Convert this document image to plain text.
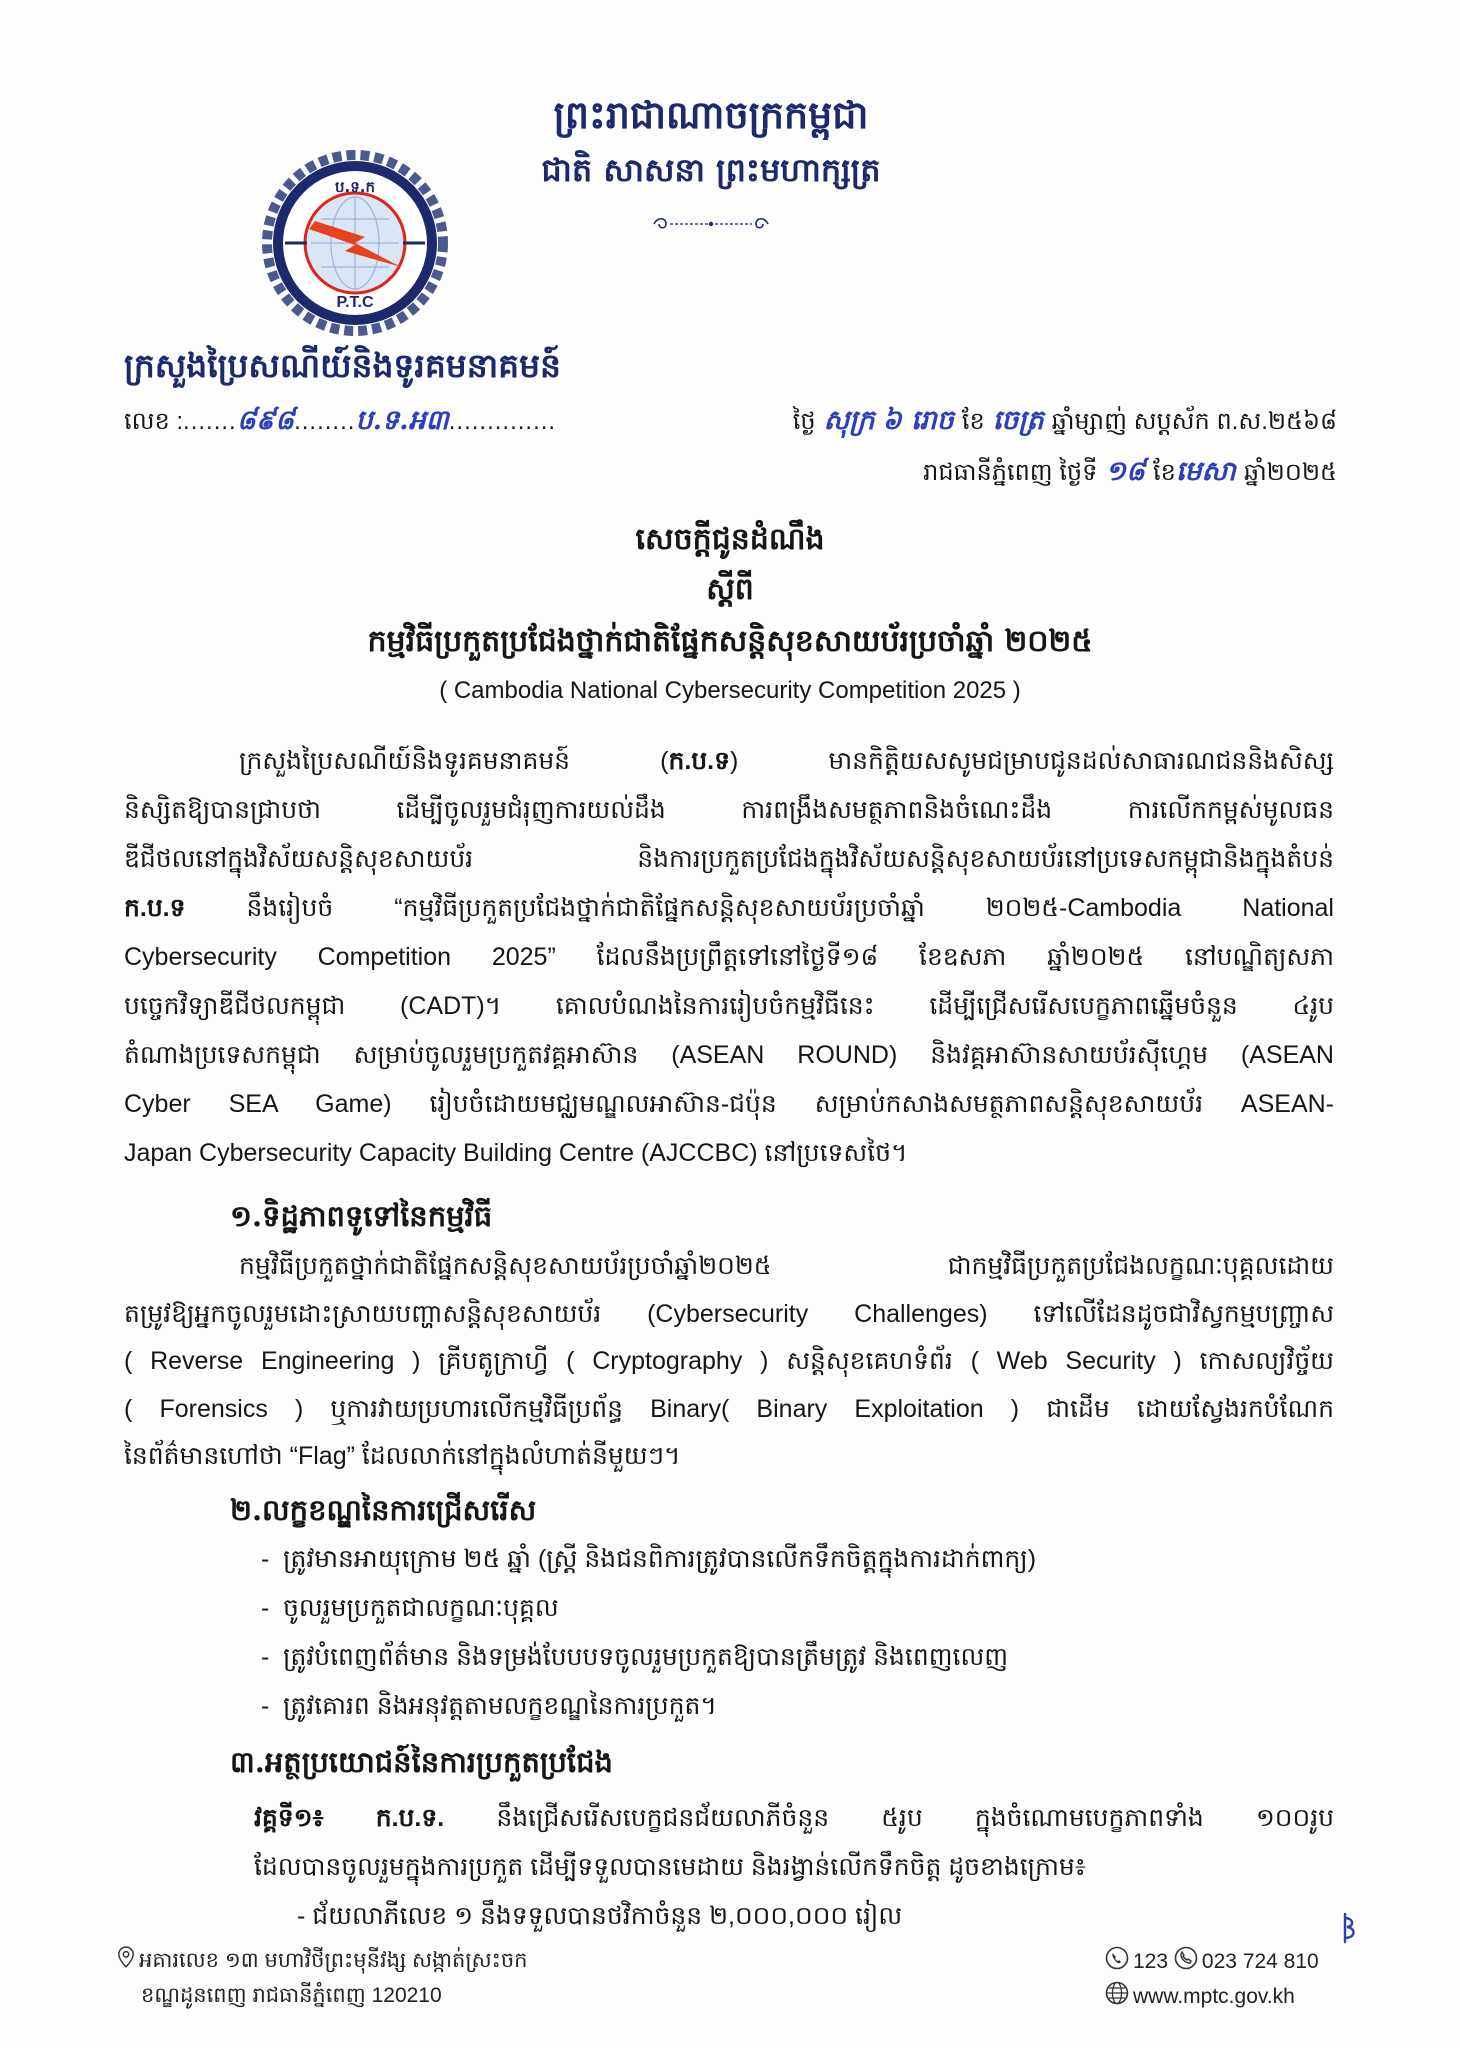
ព្រះរាជាណាចក្រកម្ពុជា
ជាតិ សាសនា ព្រះមហាក្សត្រ
ប.ទ.ក
P.T.C
ក្រសួងប្រៃសណីយ៍និងទូរគមនាគមន៍
លេខ :.......៨៩៨........ប.ទ.អ៣..............	ថ្ងៃ សុក្រ ៦ រោច ខែ ចេត្រ ឆ្នាំម្សាញ់ សប្តស័ក ព.ស.២៥៦៨
រាជធានីភ្នំពេញ ថ្ងៃទី ១៨ ខែមេសា ឆ្នាំ២០២៥
សេចក្តីជូនដំណឹង
ស្តីពី
កម្មវិធីប្រកួតប្រជែងថ្នាក់ជាតិផ្នែកសន្តិសុខសាយប័រប្រចាំឆ្នាំ ២០២៥
( Cambodia National Cybersecurity Competition 2025 )
ក្រសួងប្រៃសណីយ៍និងទូរគមនាគមន៍ (ក.ប.ទ) មានកិត្តិយសសូមជម្រាបជូនដល់សាធារណជននិងសិស្ស
និស្សិតឱ្យបានជ្រាបថា ដើម្បីចូលរួមជំរុញការយល់ដឹង ការពង្រឹងសមត្ថភាពនិងចំណេះដឹង ការលើកកម្ពស់មូលធន
ឌីជីថលនៅក្នុងវិស័យសន្តិសុខសាយប័រ និងការប្រកួតប្រជែងក្នុងវិស័យសន្តិសុខសាយប័រនៅប្រទេសកម្ពុជានិងក្នុងតំបន់
ក.ប.ទ នឹងរៀបចំ “កម្មវិធីប្រកួតប្រជែងថ្នាក់ជាតិផ្នែកសន្តិសុខសាយប័រប្រចាំឆ្នាំ ២០២៥-Cambodia National
Cybersecurity Competition 2025” ដែលនឹងប្រព្រឹត្តទៅនៅថ្ងៃទី១៨ ខែឧសភា ឆ្នាំ២០២៥ នៅបណ្ឌិត្យសភា
បច្ចេកវិទ្យាឌីជីថលកម្ពុជា (CADT)។ គោលបំណងនៃការរៀបចំកម្មវិធីនេះ ដើម្បីជ្រើសរើសបេក្ខភាពឆ្នើមចំនួន ៤រូប
តំណាងប្រទេសកម្ពុជា សម្រាប់ចូលរួមប្រកួតវគ្គអាស៊ាន (ASEAN ROUND) និងវគ្គអាស៊ានសាយប័រស៊ីហ្គេម (ASEAN
Cyber SEA Game) រៀបចំដោយមជ្ឈមណ្ឌលអាស៊ាន-ជប៉ុន សម្រាប់កសាងសមត្ថភាពសន្តិសុខសាយប័រ ASEAN-
Japan Cybersecurity Capacity Building Centre (AJCCBC) នៅប្រទេសថៃ។
១.ទិដ្ឋភាពទូទៅនៃកម្មវិធី
កម្មវិធីប្រកួតថ្នាក់ជាតិផ្នែកសន្តិសុខសាយប័រប្រចាំឆ្នាំ២០២៥ ជាកម្មវិធីប្រកួតប្រជែងលក្ខណៈបុគ្គលដោយ
តម្រូវឱ្យអ្នកចូលរួមដោះស្រាយបញ្ហាសន្តិសុខសាយប័រ (Cybersecurity Challenges) ទៅលើដែនដូចជាវិស្វកម្មបញ្ច្រាស
( Reverse Engineering ) គ្រីបតូក្រាហ្វី ( Cryptography ) សន្តិសុខគេហទំព័រ ( Web Security ) កោសល្យវិច្ច័យ
( Forensics ) ឬការវាយប្រហារលើកម្មវិធីប្រព័ន្ធ Binary( Binary Exploitation ) ជាដើម ដោយស្វែងរកបំណែក
នៃព័ត៌មានហៅថា “Flag” ដែលលាក់នៅក្នុងលំហាត់នីមួយៗ។
២.លក្ខខណ្ឌនៃការជ្រើសរើស
- ត្រូវមានអាយុក្រោម ២៥ ឆ្នាំ (ស្ត្រី និងជនពិការត្រូវបានលើកទឹកចិត្តក្នុងការដាក់ពាក្យ)
- ចូលរួមប្រកួតជាលក្ខណៈបុគ្គល
- ត្រូវបំពេញព័ត៌មាន និងទម្រង់បែបបទចូលរួមប្រកួតឱ្យបានត្រឹមត្រូវ និងពេញលេញ
- ត្រូវគោរព និងអនុវត្តតាមលក្ខខណ្ឌនៃការប្រកួត។
៣.អត្ថប្រយោជន៍នៃការប្រកួតប្រជែង
វគ្គទី១៖ ក.ប.ទ. នឹងជ្រើសរើសបេក្ខជនជ័យលាភីចំនួន ៥រូប ក្នុងចំណោមបេក្ខភាពទាំង ១០០រូប
ដែលបានចូលរួមក្នុងការប្រកួត ដើម្បីទទួលបានមេដាយ និងរង្វាន់លើកទឹកចិត្ត ដូចខាងក្រោម៖
- ជ័យលាភីលេខ ១ នឹងទទួលបានថវិកាចំនួន ២,០០០,០០០ រៀល
អគារលេខ ១៣ មហាវិថីព្រះមុនីវង្ស សង្កាត់ស្រះចក
ខណ្ឌដូនពេញ រាជធានីភ្នំពេញ 120210
123 023 724 810
www.mptc.gov.kh
